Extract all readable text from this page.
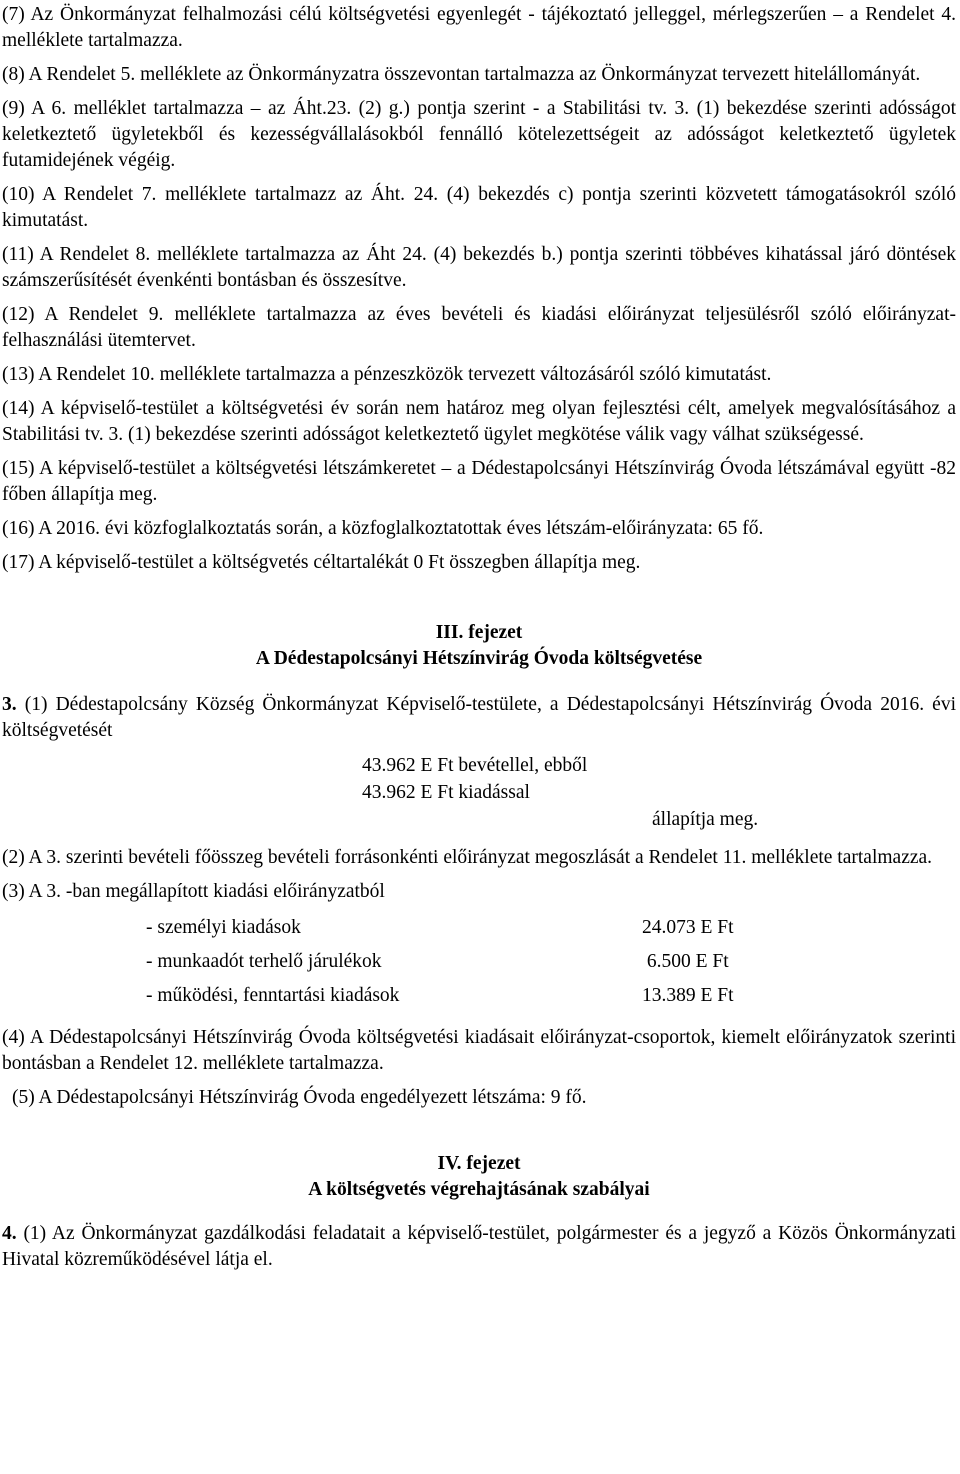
(7) Az Önkormányzat felhalmozási célú költségvetési egyenlegét - tájékoztató jelleggel, mérlegszerűen – a Rendelet 4. melléklete tartalmazza.

(8) A Rendelet 5. melléklete az Önkormányzatra összevontan tartalmazza az Önkormányzat tervezett hitelállományát.

(9) A 6. melléklet tartalmazza – az Áht.23. (2) g.) pontja szerint - a Stabilitási tv. 3. (1) bekezdése szerinti adósságot keletkeztető ügyletekből és kezességvállalásokból fennálló kötelezettségeit az adósságot keletkeztető ügyletek futamidejének végéig.

(10) A Rendelet 7. melléklete tartalmazz az Áht. 24. (4) bekezdés c) pontja szerinti közvetett támogatásokról szóló kimutatást.

(11) A Rendelet 8. melléklete tartalmazza az Áht 24. (4) bekezdés b.) pontja szerinti többéves kihatással járó döntések számszerűsítését évenkénti bontásban és összesítve.

(12) A Rendelet 9. melléklete tartalmazza az éves bevételi és kiadási előirányzat teljesülésről szóló előirányzat-felhasználási ütemtervet.

(13) A Rendelet 10. melléklete tartalmazza a pénzeszközök tervezett változásáról szóló kimutatást.

(14) A képviselő-testület a költségvetési év során nem határoz meg olyan fejlesztési célt, amelyek megvalósításához a Stabilitási tv. 3. (1) bekezdése szerinti adósságot keletkeztető ügylet megkötése válik vagy válhat szükségessé.

(15) A képviselő-testület a költségvetési létszámkeretet – a Dédestapolcsányi Hétszínvirág Óvoda létszámával együtt -82 főben állapítja meg.

(16) A 2016. évi közfoglalkoztatás során, a közfoglalkoztatottak éves létszám-előirányzata: 65 fő.

(17) A képviselő-testület a költségvetés céltartalékát 0 Ft összegben állapítja meg.

III. fejezet

A Dédestapolcsányi Hétszínvirág Óvoda költségvetése

3. (1) Dédestapolcsány Község Önkormányzat Képviselő-testülete, a Dédestapolcsányi Hétszínvirág Óvoda 2016. évi költségvetését

43.962 E Ft bevétellel, ebből
43.962 E Ft kiadással
állapítja meg.

(2) A 3. szerinti bevételi főösszeg bevételi forrásonkénti előirányzat megoszlását a Rendelet 11. melléklete tartalmazza.

(3) A 3. -ban megállapított kiadási előirányzatból

- személyi kiadások	24.073 E Ft
- munkaadót terhelő járulékok	6.500 E Ft
- működési, fenntartási kiadások	13.389 E Ft

(4) A Dédestapolcsányi Hétszínvirág Óvoda költségvetési kiadásait előirányzat-csoportok, kiemelt előirányzatok szerinti bontásban a Rendelet 12. melléklete tartalmazza.

(5) A Dédestapolcsányi Hétszínvirág Óvoda engedélyezett létszáma: 9 fő.

IV. fejezet

A költségvetés végrehajtásának szabályai

4. (1) Az Önkormányzat gazdálkodási feladatait a képviselő-testület, polgármester és a jegyző a Közös Önkormányzati Hivatal közreműködésével látja el.
